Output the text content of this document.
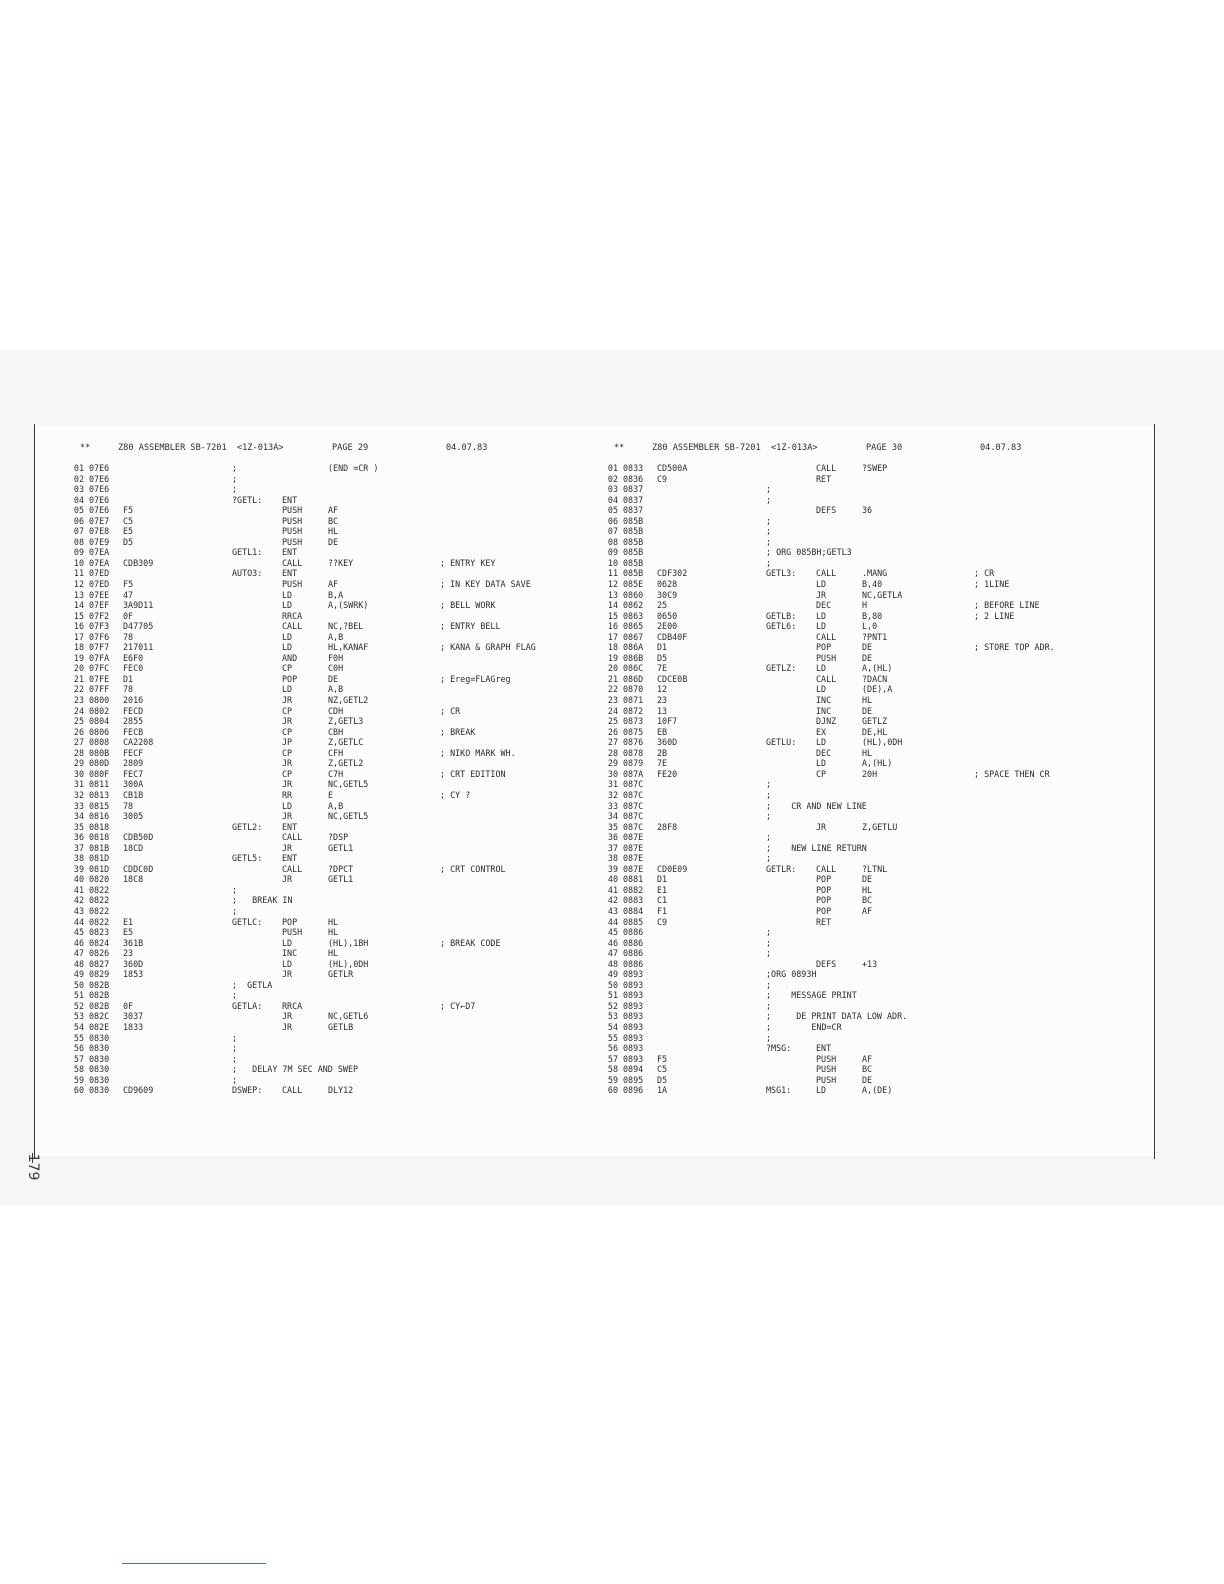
**

	Z80 ASSEMBLER SB-7201  <1Z-013A>

	PAGE 29

	04.07.83

01 07E6	;	(END =CR )
02 07E6	;
03 07E6	;
04 07E6	?GETL: ENT
05 07E6 F5	PUSH	AF
06 07E7 C5	PUSH	BC
07 07E8 E5	PUSH	HL
08 07E9 D5	PUSH	DE
09 07EA	GETL1: ENT
10 07EA CDB309	CALL	??KEY	; ENTRY KEY
11 07ED	AUTO3: ENT
12 07ED F5	PUSH	AF	; IN KEY DATA SAVE
13 07EE 47	LD	B,A
14 07EF 3A9D11	LD	A,(SWRK)	; BELL WORK
15 07F2 0F	RRCA
16 07F3 D47705	CALL	NC,?BEL	; ENTRY BELL
17 07F6 78	LD	A,B
18 07F7 217011	LD	HL,KANAF	; KANA & GRAPH FLAG
19 07FA E6F0	AND	F0H
20 07FC FEC0	CP	C0H
21 07FE D1	POP	DE	; Ereg=FLAGreg
22 07FF 78	LD	A,B
23 0800 2016	JR	NZ,GETL2
24 0802 FECD	CP	CDH	; CR
25 0804 2855	JR	Z,GETL3
26 0806 FECB	CP	CBH	; BREAK
27 0808 CA2208	JP	Z,GETLC
28 080B FECF	CP	CFH	; NIKO MARK WH.
29 080D 2809	JR	Z,GETL2
30 080F FEC7	CP	C7H	; CRT EDITION
31 0811 300A	JR	NC,GETL5
32 0813 CB1B	RR	E	; CY ?
33 0815 78	LD	A,B
34 0816 3005	JR	NC,GETL5
35 0818	GETL2: ENT
36 0818 CDB50D	CALL	?DSP
37 081B 18CD	JR	GETL1
38 081D	GETL5: ENT
39 081D CDDC0D	CALL	?DPCT	; CRT CONTROL
40 0820 18C8	JR	GETL1
41 0822	;
42 0822	;   BREAK IN
43 0822	;
44 0822 E1	GETLC: POP	HL
45 0823 E5	PUSH	HL
46 0824 361B	LD	(HL),1BH	; BREAK CODE
47 0826 23	INC	HL
48 0827 360D	LD	(HL),0DH
49 0829 1853	JR	GETLR
50 082B	;  GETLA
51 082B	;
52 082B 0F	GETLA: RRCA	; CY←D7
53 082C 3037	JR	NC,GETL6
54 082E 1833	JR	GETLB
55 0830	;
56 0830	;
57 0830	;
58 0830	;   DELAY 7M SEC AND SWEP
59 0830	;
60 0830 CD9609	DSWEP: CALL	DLY12

**

	Z80 ASSEMBLER SB-7201  <1Z-013A>

	PAGE 30

	04.07.83

01 0833 CD500A	CALL	?SWEP
02 0836 C9	RET
03 0837	;
04 0837	;
05 0837	DEFS	36
06 085B	;
07 085B	;
08 085B	;
09 085B	; ORG 085BH;GETL3
10 085B	;
11 085B CDF302	GETL3: CALL	.MANG	; CR
12 085E 0628	LD	B,40	; 1LINE
13 0860 30C9	JR	NC,GETLA
14 0862 25	DEC	H	; BEFORE LINE
15 0863 0650	GETLB: LD	B,80	; 2 LINE
16 0865 2E00	GETL6: LD	L,0
17 0867 CDB40F	CALL	?PNT1
18 086A D1	POP	DE	; STORE TOP ADR.
19 086B D5	PUSH	DE
20 086C 7E	GETLZ: LD	A,(HL)
21 086D CDCE0B	CALL	?DACN
22 0870 12	LD	(DE),A
23 0871 23	INC	HL
24 0872 13	INC	DE
25 0873 10F7	DJNZ	GETLZ
26 0875 EB	EX	DE,HL
27 0876 360D	GETLU: LD	(HL),0DH
28 0878 2B	DEC	HL
29 0879 7E	LD	A,(HL)
30 087A FE20	CP	20H	; SPACE THEN CR
31 087C	;
32 087C	;
33 087C	;    CR AND NEW LINE
34 087C	;
35 087C 28F8	JR	Z,GETLU
36 087E	;
37 087E	;    NEW LINE RETURN
38 087E	;
39 087E CD0E09	GETLR: CALL	?LTNL
40 0881 D1	POP	DE
41 0882 E1	POP	HL
42 0883 C1	POP	BC
43 0884 F1	POP	AF
44 0885 C9	RET
45 0886	;
46 0886	;
47 0886	;
48 0886	DEFS	+13
49 0893	;ORG 0893H
50 0893	;
51 0893	;    MESSAGE PRINT
52 0893	;
53 0893	;     DE PRINT DATA LOW ADR.
54 0893	;        END=CR
55 0893	;
56 0893	?MSG:	ENT
57 0893 F5	PUSH	AF
58 0894 C5	PUSH	BC
59 0895 D5	PUSH	DE
60 0896 1A	MSG1:	LD	A,(DE)
179
